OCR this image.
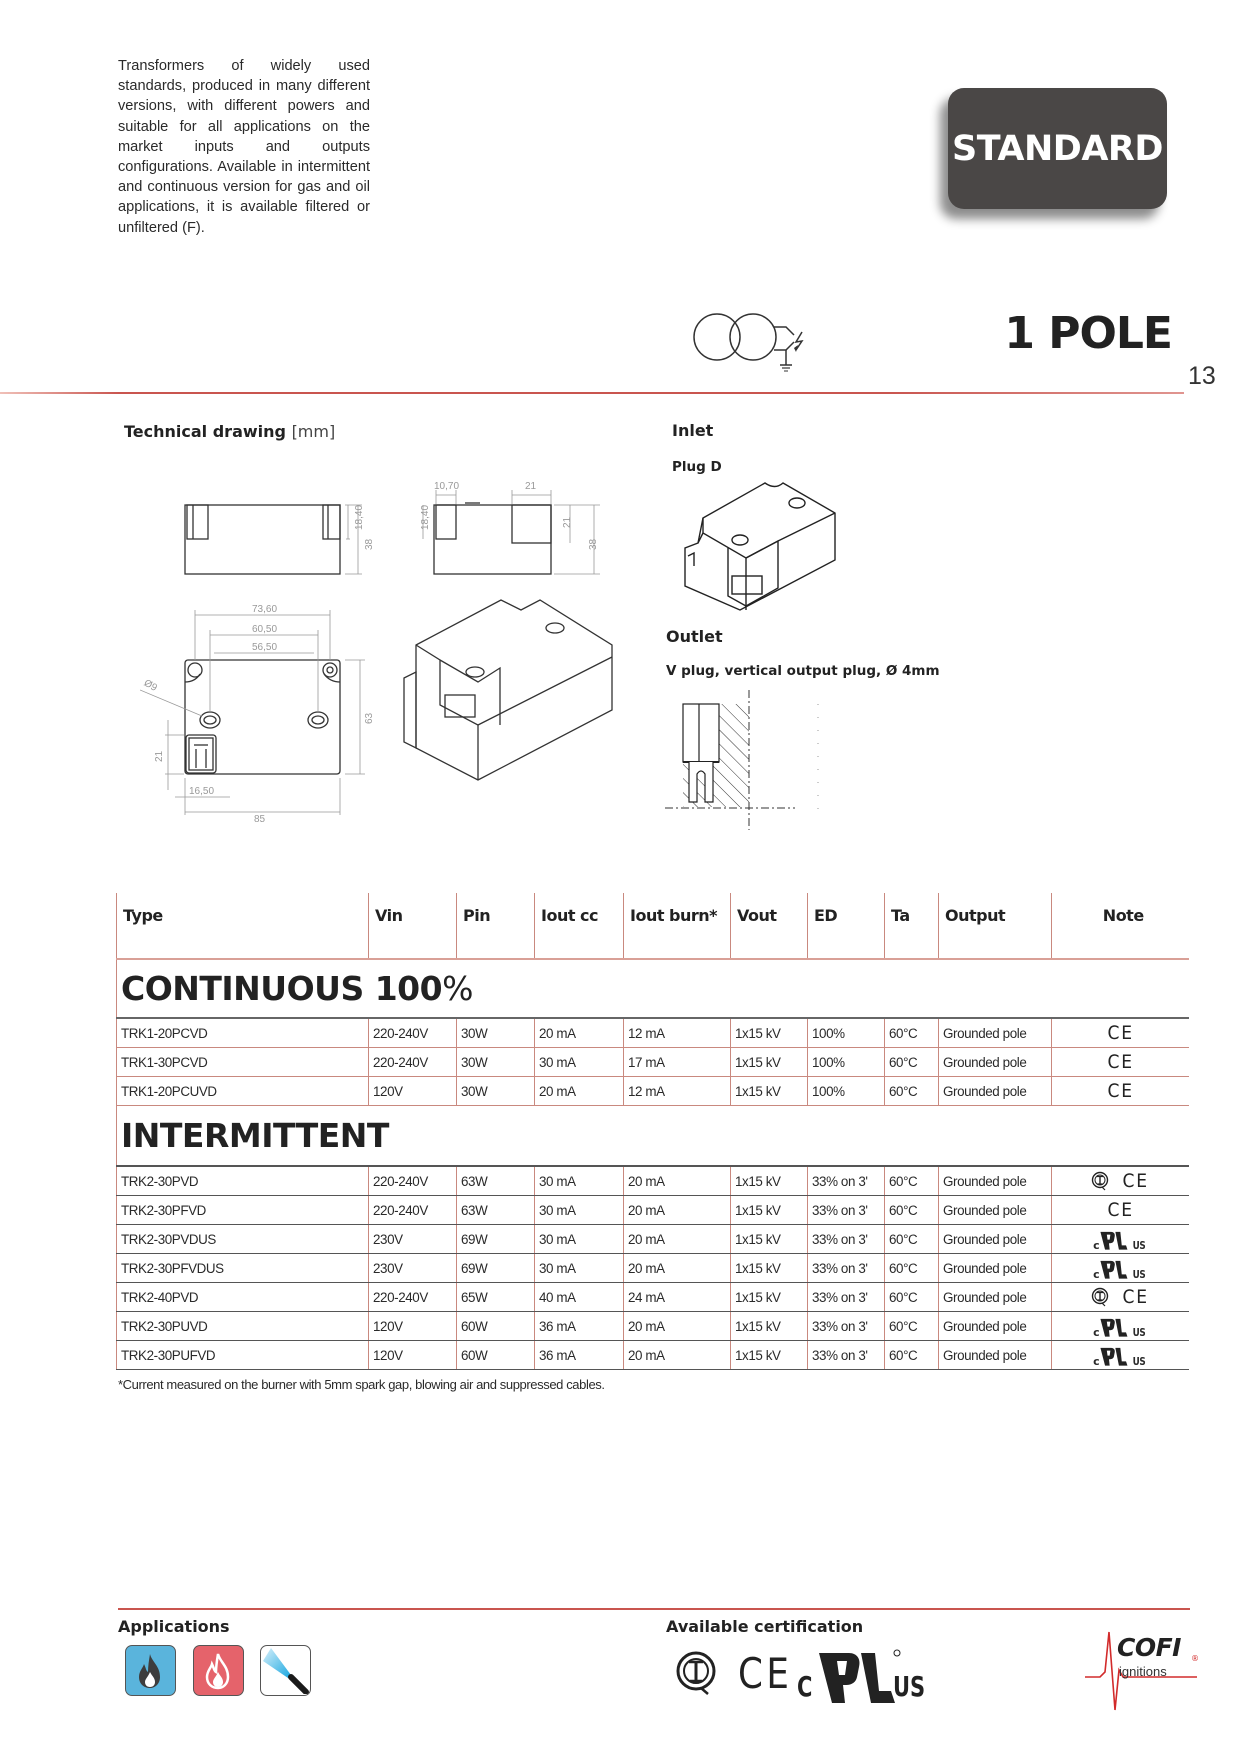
Transformers of widely used standards, produced in many different versions, with different powers and suitable for all applications on the market inputs and outputs configurations. Available in intermittent and continuous version for gas and oil applications, it is available filtered or unfiltered (F).
STANDARD
1 POLE
13
Technical drawing [mm]
18,40
38
18,40
10,70	21
21
38
73,60
60,50
56,50
Ø9
63
21
16,50
85
Inlet
Plug D
Outlet
V plug, vertical output plug, Ø 4mm
Type	Vin	Pin	Iout cc	Iout burn*	Vout	ED	Ta	Output	Note
CONTINUOUS 100%									
TRK1-20PCVD	220-240V	30W	20 mA	12 mA	1x15 kV	100%	60°C	Grounded pole	CE

TRK1-30PCVD	220-240V	30W	30 mA	17 mA	1x15 kV	100%	60°C	Grounded pole	CE

TRK1-20PCUVD	120V	30W	20 mA	12 mA	1x15 kV	100%	60°C	Grounded pole	CE

INTERMITTENT									
TRK2-30PVD	220-240V	63W	30 mA	20 mA	1x15 kV	33% on 3'	60°C	Grounded pole	CE

TRK2-30PFVD	220-240V	63W	30 mA	20 mA	1x15 kV	33% on 3'	60°C	Grounded pole	CE

TRK2-30PVDUS	230V	69W	30 mA	20 mA	1x15 kV	33% on 3'	60°C	Grounded pole	c US

TRK2-30PFVDUS	230V	69W	30 mA	20 mA	1x15 kV	33% on 3'	60°C	Grounded pole	c US

TRK2-40PVD	220-240V	65W	40 mA	24 mA	1x15 kV	33% on 3'	60°C	Grounded pole	CE

TRK2-30PUVD	120V	60W	36 mA	20 mA	1x15 kV	33% on 3'	60°C	Grounded pole	c US

TRK2-30PUFVD	120V	60W	36 mA	20 mA	1x15 kV	33% on 3'	60°C	Grounded pole	c US
*Current measured on the burner with 5mm spark gap, blowing air and suppressed cables.
Applications	Available certification
CE C	US
COFI ®
ignitions
